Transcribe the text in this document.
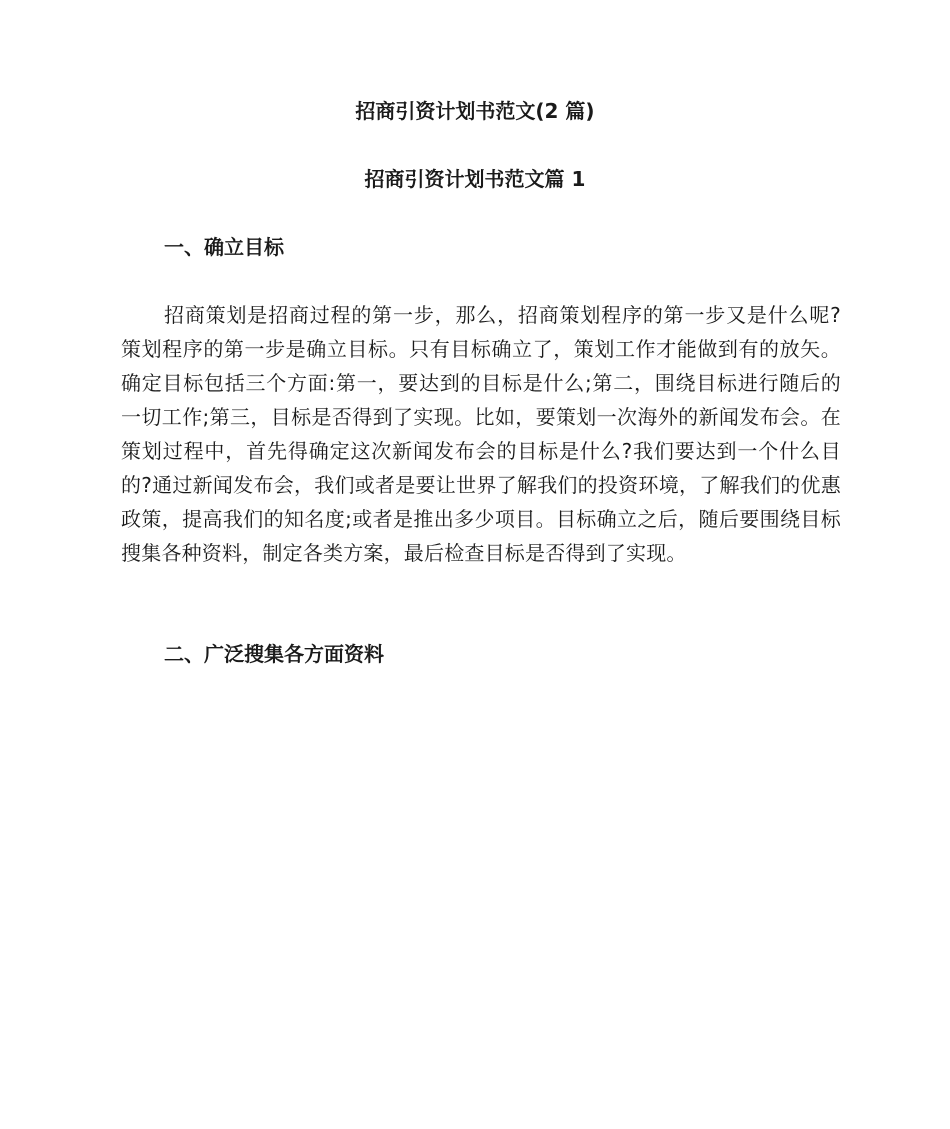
招商引资计划书范文(2 篇)
招商引资计划书范文篇 1
一、确立目标

招商策划是招商过程的第一步，那么，招商策划程序的第一步又是什么呢?策划程序的第一步是确立目标。只有目标确立了，策划工作才能做到有的放矢。确定目标包括三个方面:第一，要达到的目标是什么;第二，围绕目标进行随后的一切工作;第三，目标是否得到了实现。比如，要策划一次海外的新闻发布会。在策划过程中，首先得确定这次新闻发布会的目标是什么?我们要达到一个什么目的?通过新闻发布会，我们或者是要让世界了解我们的投资环境，了解我们的优惠政策，提高我们的知名度;或者是推出多少项目。目标确立之后，随后要围绕目标搜集各种资料，制定各类方案，最后检查目标是否得到了实现。

二、广泛搜集各方面资料
